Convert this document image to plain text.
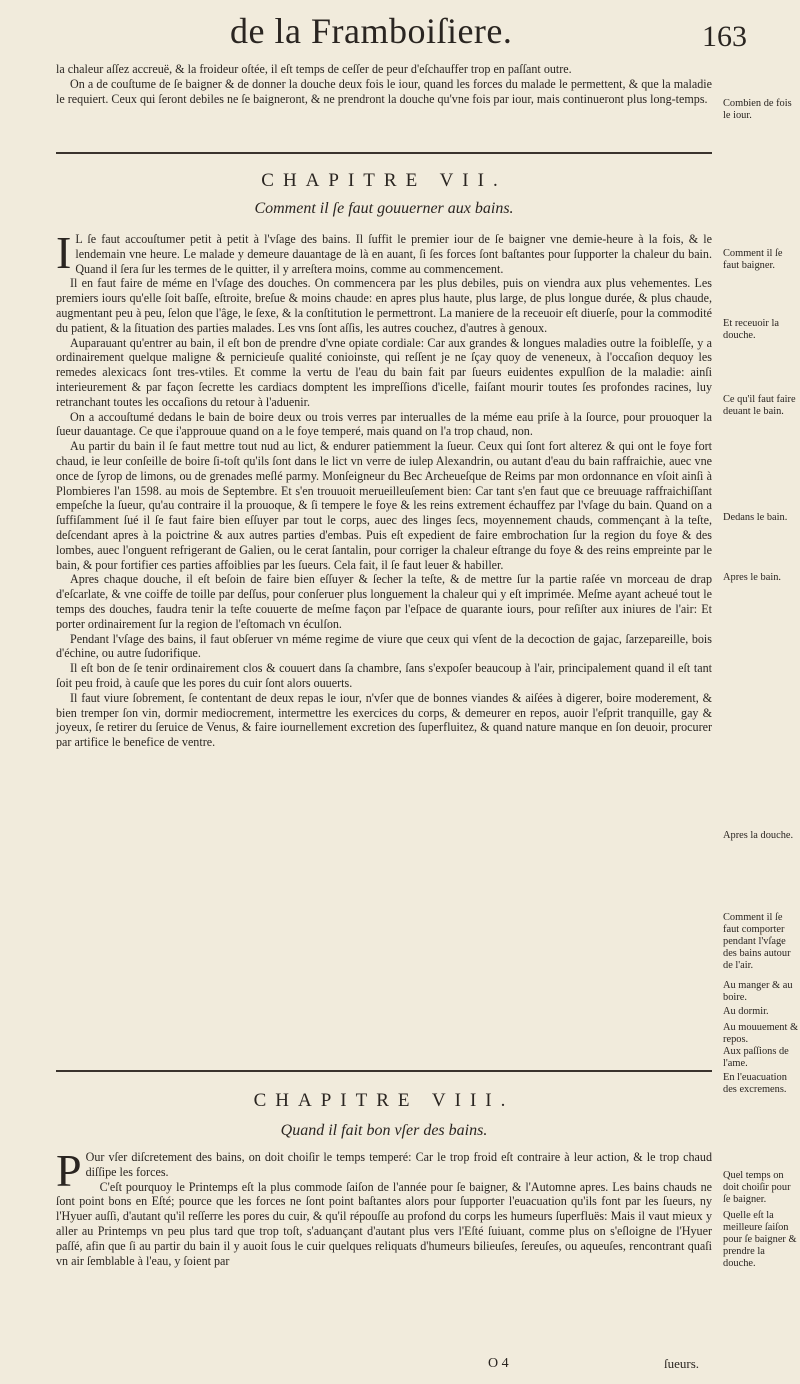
de la Framboiſiere.	163

la chaleur aſſez accreuë, & la froideur oſtée, il eſt temps de ceſſer de peur d'eſchauffer trop en paſſant outre.

On a de couſtume de ſe baigner & de donner la douche deux fois le iour, quand les forces du malade le permettent, & que la maladie le requiert. Ceux qui ſeront debiles ne ſe baigneront, & ne prendront la douche qu'vne fois par iour, mais continueront plus long-temps.

CHAPITRE VII.
Comment il ſe faut gouuerner aux bains.

I L ſe faut accouſtumer petit à petit à l'vſage des bains. Il ſuffit le premier iour de ſe baigner vne demie-heure à la fois, & le lendemain vne heure. Le malade y demeure dauantage de là en auant, ſi ſes forces ſont baſtantes pour ſupporter la chaleur du bain. Quand il ſera ſur les termes de le quitter, il y arreſtera moins, comme au commencement.

Il en faut faire de méme en l'vſage des douches. On commencera par les plus debiles, puis on viendra aux plus vehementes. Les premiers iours qu'elle ſoit baſſe, eſtroite, breſue & moins chaude: en apres plus haute, plus large, de plus longue durée, & plus chaude, augmentant peu à peu, ſelon que l'âge, le ſexe, & la conſtitution le permettront. La maniere de la receuoir eſt diuerſe, pour la commodité du patient, & la ſituation des parties malades. Les vns ſont aſſis, les autres couchez, d'autres à genoux.

Auparauant qu'entrer au bain, il eſt bon de prendre d'vne opiate cordiale: Car aux grandes & longues maladies outre la foibleſſe, y a ordinairement quelque maligne & pernicieuſe qualité conioinste, qui reſſent je ne ſçay quoy de veneneux, à l'occaſion dequoy les remedes alexicacs ſont tres-vtiles. Et comme la vertu de l'eau du bain fait par ſueurs euidentes expulſion de la maladie: ainſi interieurement & par façon ſecrette les cardiacs domptent les impreſſions d'icelle, faiſant mourir toutes ſes profondes racines, luy retranchant toutes les occaſions du retour à l'aduenir.

On a accouſtumé dedans le bain de boire deux ou trois verres par interualles de la méme eau priſe à la ſource, pour prouoquer la ſueur dauantage. Ce que i'approuue quand on a le foye temperé, mais quand on l'a trop chaud, non.

Au partir du bain il ſe faut mettre tout nud au lict, & endurer patiemment la ſueur. Ceux qui ſont fort alterez & qui ont le foye fort chaud, ie leur conſeille de boire ſi-toſt qu'ils ſont dans le lict vn verre de iulep Alexandrin, ou autant d'eau du bain raffraichie, auec vne once de ſyrop de limons, ou de grenades meſlé parmy. Monſeigneur du Bec Archeueſque de Reims par mon ordonnance en vſoit ainſi à Plombieres l'an 1598. au mois de Septembre. Et s'en trouuoit merueilleuſement bien: Car tant s'en faut que ce breuuage raffraichiſſant empeſche la ſueur, qu'au contraire il la prouoque, & ſi tempere le foye & les reins extrement échauffez par l'vſage du bain. Quand on a ſuffiſamment ſué il ſe faut faire bien eſſuyer par tout le corps, auec des linges ſecs, moyennement chauds, commençant à la teſte, deſcendant apres à la poictrine & aux autres parties d'embas. Puis eſt expedient de faire embrochation ſur la region du foye & des lombes, auec l'onguent refrigerant de Galien, ou le cerat ſantalin, pour corriger la chaleur eſtrange du foye & des reins empreinte par le bain, & pour fortifier ces parties affoiblies par les ſueurs. Cela fait, il ſe faut leuer & habiller.

Apres chaque douche, il eſt beſoin de faire bien eſſuyer & ſecher la teſte, & de mettre ſur la partie raſée vn morceau de drap d'eſcarlate, & vne coiffe de toille par deſſus, pour conſeruer plus longuement la chaleur qui y eſt imprimée. Meſme ayant acheué tout le temps des douches, faudra tenir la teſte couuerte de meſme façon par l'eſpace de quarante iours, pour reſiſter aux iniures de l'air: Et porter ordinairement ſur la region de l'eſtomach vn éculſon.

Pendant l'vſage des bains, il faut obſeruer vn méme regime de viure que ceux qui vſent de la decoction de gajac, ſarzepareille, bois d'échine, ou autre ſudorifique.

Il eſt bon de ſe tenir ordinairement clos & couuert dans ſa chambre, ſans s'expoſer beaucoup à l'air, principalement quand il eſt tant ſoit peu froid, à cauſe que les pores du cuir ſont alors ouuerts.

Il faut viure ſobrement, ſe contentant de deux repas le iour, n'vſer que de bonnes viandes & aiſées à digerer, boire moderement, & bien tremper ſon vin, dormir mediocrement, intermettre les exercices du corps, & demeurer en repos, auoir l'eſprit tranquille, gay & joyeux, ſe retirer du ſeruice de Venus, & faire iournellement excretion des ſuperfluitez, & quand nature manque en ſon deuoir, procurer par artifice le benefice de ventre.

CHAPITRE VIII.
Quand il fait bon vſer des bains.

P Our vſer diſcretement des bains, on doit choiſir le temps temperé: Car le trop froid eſt contraire à leur action, & le trop chaud diſſipe les forces.

C'eſt pourquoy le Printemps eſt la plus commode ſaiſon de l'année pour ſe baigner, & l'Automne apres. Les bains chauds ne ſont point bons en Eſté; pource que les forces ne ſont point baſtantes alors pour ſupporter l'euacuation qu'ils font par les ſueurs, ny l'Hyuer auſſi, d'autant qu'il reſſerre les pores du cuir, & qu'il répouſſe au profond du corps les humeurs ſuperfluës: Mais il vaut mieux y aller au Printemps vn peu plus tard que trop toſt, s'aduançant d'autant plus vers l'Eſté ſuiuant, comme plus on s'eſloigne de l'Hyuer paſſé, afin que ſi au partir du bain il y auoit ſous le cuir quelques reliquats d'humeurs bilieuſes, ſereuſes, ou aqueuſes, rencontrant quaſi vn air ſemblable à l'eau, y ſoient par

O 4	ſueurs.

Combien de fois le iour.

Comment il ſe faut baigner.

Et receuoir la douche.

Ce qu'il faut faire deuant le bain.

Dedans le bain.

Apres le bain.

Apres la douche.

Comment il ſe faut comporter pendant l'vſage des bains autour de l'air.

Au manger & au boire.

Au dormir.

Au mouuement & repos.

Aux paſſions de l'ame.

En l'euacuation des excremens.

Quel temps on doit choiſir pour ſe baigner.

Quelle eſt la meilleure ſaiſon pour ſe baigner & prendre la douche.
